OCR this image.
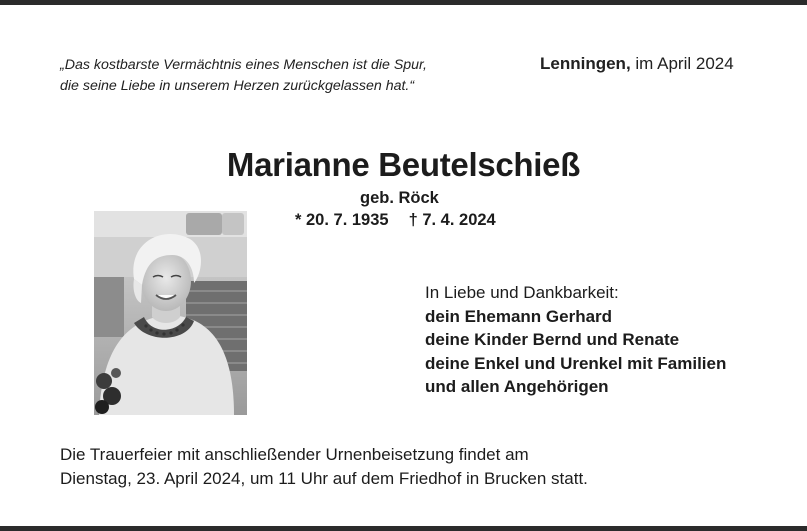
„Das kostbarste Vermächtnis eines Menschen ist die Spur,
die seine Liebe in unserem Herzen zurückgelassen hat.“
Lenningen, im April 2024
Marianne Beutelschieß
geb. Röck
* 20. 7. 1935 † 7. 4. 2024
In Liebe und Dankbarkeit:
dein Ehemann Gerhard
deine Kinder Bernd und Renate
deine Enkel und Urenkel mit Familien
und allen Angehörigen
Die Trauerfeier mit anschließender Urnenbeisetzung findet am
Dienstag, 23. April 2024, um 11 Uhr auf dem Friedhof in Brucken statt.
